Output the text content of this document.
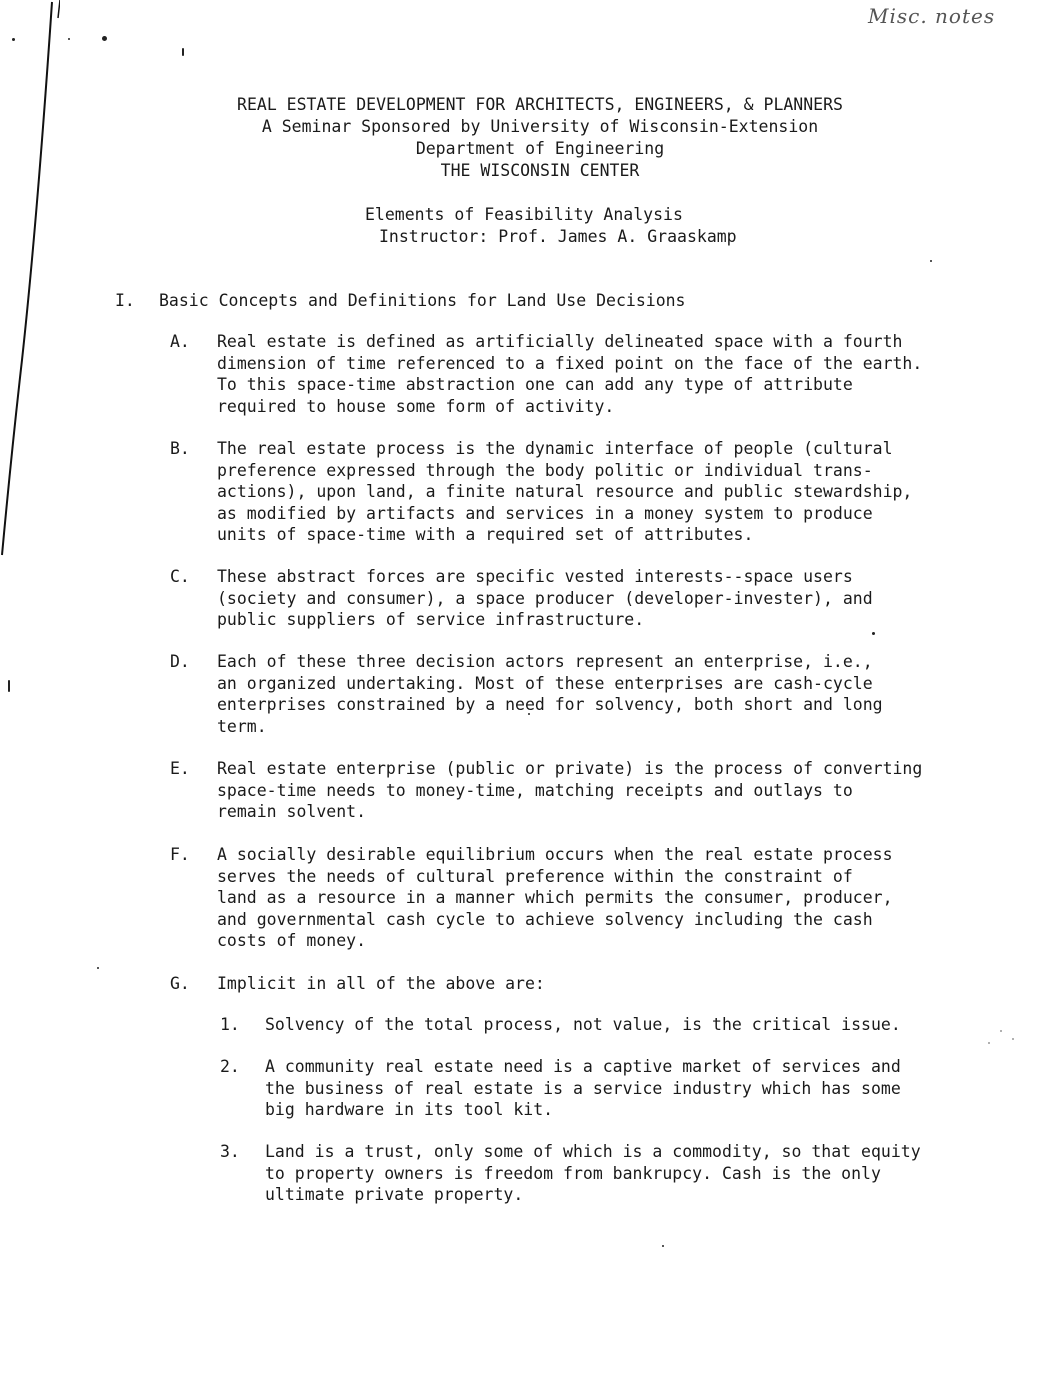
Misc. notes
REAL ESTATE DEVELOPMENT FOR ARCHITECTS, ENGINEERS, & PLANNERS
A Seminar Sponsored by University of Wisconsin-Extension
Department of Engineering
THE WISCONSIN CENTER
Elements of Feasibility Analysis
Instructor: Prof. James A. Graaskamp
I. Basic Concepts and Definitions for Land Use Decisions
A.	Real estate is defined as artificially delineated space with a fourth
dimension of time referenced to a fixed point on the face of the earth.
To this space-time abstraction one can add any type of attribute
required to house some form of activity.
B.	The real estate process is the dynamic interface of people (cultural
preference expressed through the body politic or individual trans-
actions), upon land, a finite natural resource and public stewardship,
as modified by artifacts and services in a money system to produce
units of space-time with a required set of attributes.
C.	These abstract forces are specific vested interests--space users
(society and consumer), a space producer (developer-invester), and
public suppliers of service infrastructure.
D.	Each of these three decision actors represent an enterprise, i.e.,
an organized undertaking. Most of these enterprises are cash-cycle
enterprises constrained by a need for solvency, both short and long
term.
E.	Real estate enterprise (public or private) is the process of converting
space-time needs to money-time, matching receipts and outlays to
remain solvent.
F.	A socially desirable equilibrium occurs when the real estate process
serves the needs of cultural preference within the constraint of
land as a resource in a manner which permits the consumer, producer,
and governmental cash cycle to achieve solvency including the cash
costs of money.
G.	Implicit in all of the above are:
1.	Solvency of the total process, not value, is the critical issue.
2.	A community real estate need is a captive market of services and
the business of real estate is a service industry which has some
big hardware in its tool kit.
3.	Land is a trust, only some of which is a commodity, so that equity
to property owners is freedom from bankrupcy. Cash is the only
ultimate private property.
